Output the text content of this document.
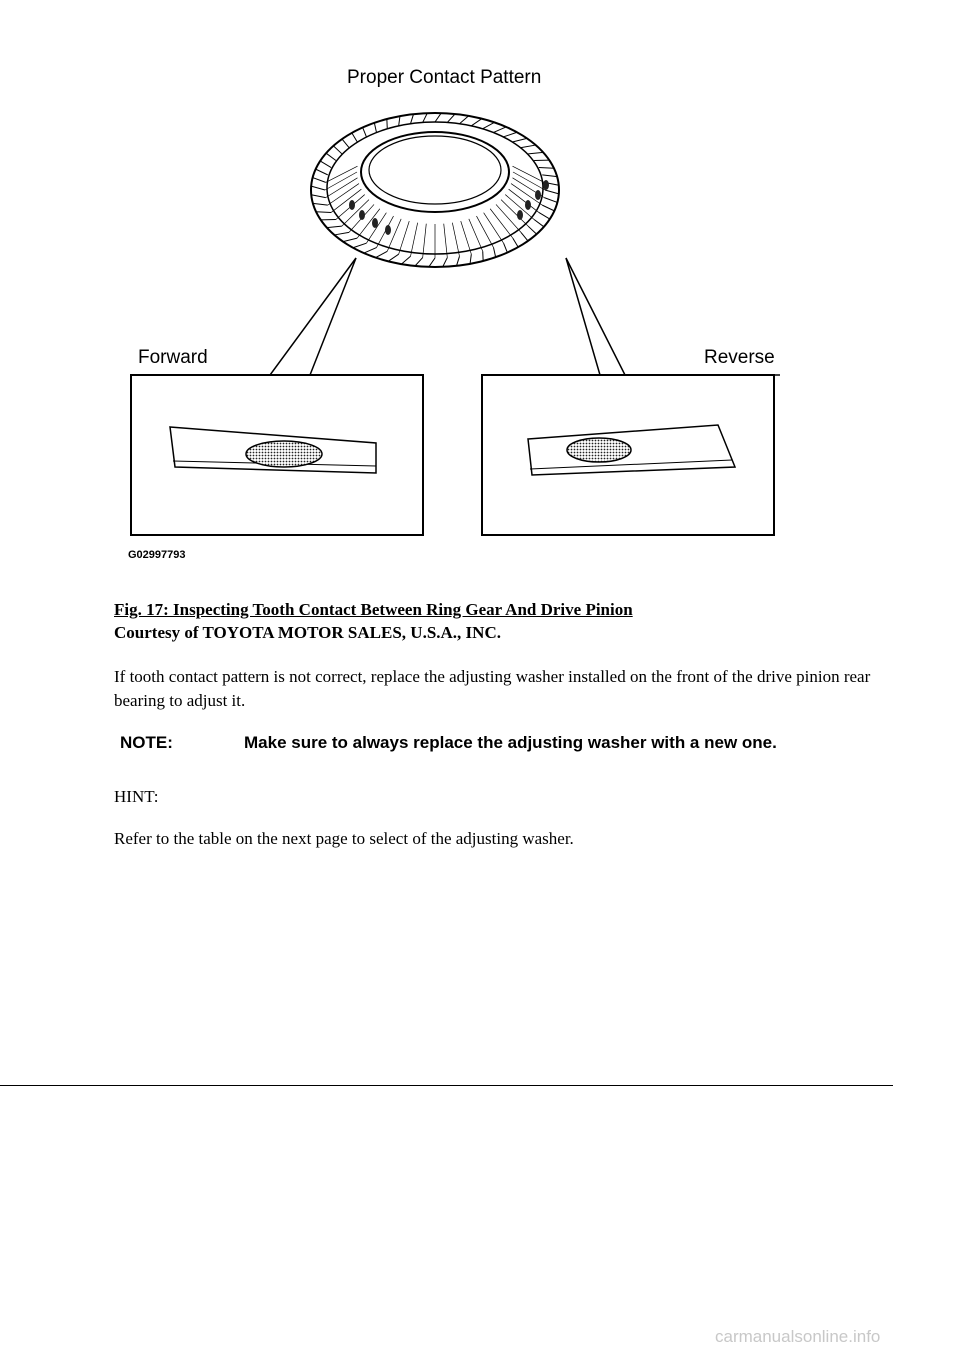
Proper Contact Pattern
Forward	Reverse
G02997793
Fig. 17: Inspecting Tooth Contact Between Ring Gear And Drive Pinion
Courtesy of TOYOTA MOTOR SALES, U.S.A., INC.
If tooth contact pattern is not correct, replace the adjusting washer installed on the front of the drive pinion rear bearing to adjust it.
NOTE:	Make sure to always replace the adjusting washer with a new one.
HINT:
Refer to the table on the next page to select of the adjusting washer.
carmanualsonline.info
